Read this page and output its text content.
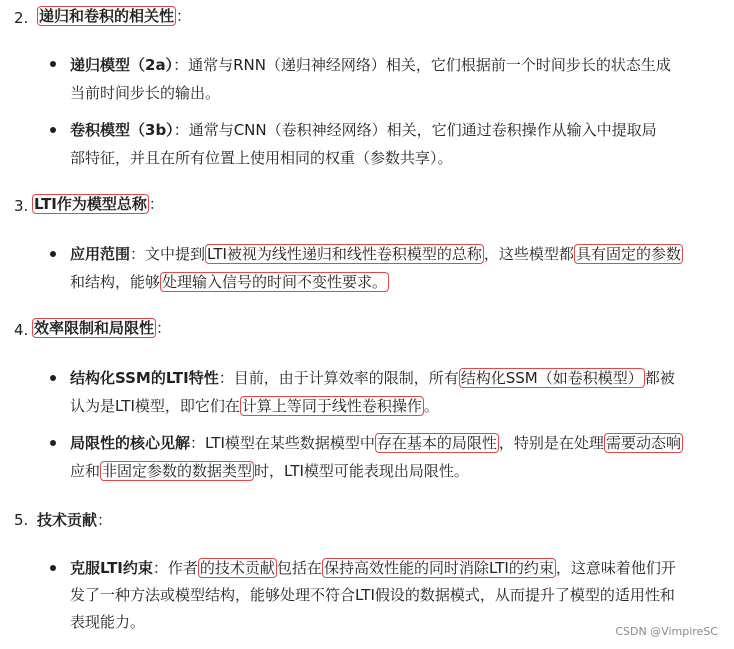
2. 递归和卷积的相关性 ：
递归模型（2a）：通常与RNN（递归神经网络）相关，它们根据前一个时间步长的状态生成
当前时间步长的输出。
卷积模型（3b）：通常与CNN（卷积神经网络）相关，它们通过卷积操作从输入中提取局
部特征，并且在所有位置上使用相同的权重（参数共享）。
3. LTI作为模型总称 ：
应用范围：文中提到 LTI被视为线性递归和线性卷积模型的总称 ，这些模型都 具有固定的参数
和结构，能够 处理输入信号的时间不变性要求。
4. 效率限制和局限性 ：
结构化SSM的LTI特性：目前，由于计算效率的限制，所有 结构化SSM（如卷积模型） 都被
认为是LTI模型，即它们在 计算上等同于线性卷积操作 。
局限性的核心见解：LTI模型在某些数据模型中 存在基本的局限性 ，特别是在处理 需要动态响
应和 非固定参数的数据类型 时，LTI模型可能表现出局限性。
5. 技术贡献：
克服LTI约束：作者 的技术贡献 包括在 保持高效性能的同时消除LTI的约束 ，这意味着他们开
发了一种方法或模型结构，能够处理不符合LTI假设的数据模式，从而提升了模型的适用性和
表现能力。
CSDN @VimpireSC
